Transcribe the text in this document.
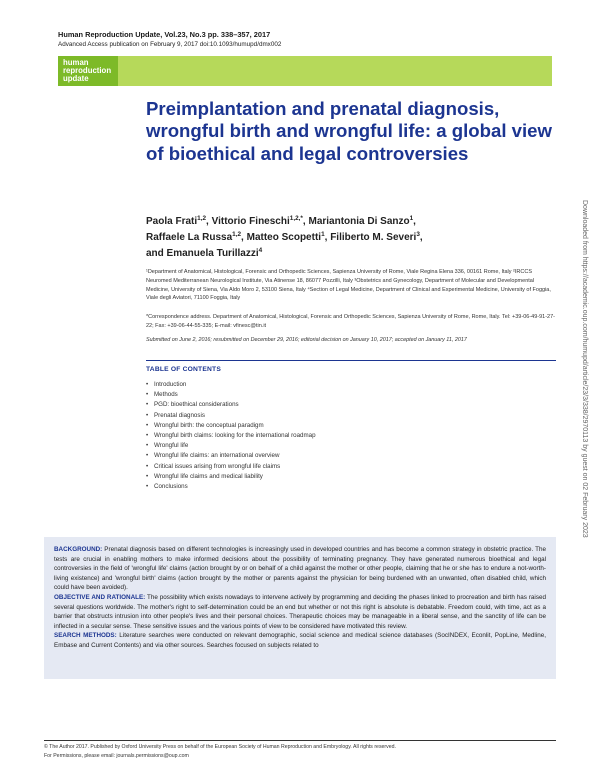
Human Reproduction Update, Vol.23, No.3 pp. 338–357, 2017
Advanced Access publication on February 9, 2017 doi:10.1093/humupd/dmx002
human
reproduction
update
Preimplantation and prenatal diagnosis, wrongful birth and wrongful life: a global view of bioethical and legal controversies
Paola Frati$^{1,2}$, Vittorio Fineschi$^{1,2,*}$, Mariantonia Di Sanzo$^1$,
Raffaele La Russa$^{1,2}$, Matteo Scopetti$^1$, Filiberto M. Severi$^3$,
and Emanuela Turillazzi$^4$
¹Department of Anatomical, Histological, Forensic and Orthopedic Sciences, Sapienza University of Rome, Viale Regina Elena 336, 00161 Rome, Italy ²IRCCS Neuromed Mediterranean Neurological Institute, Via Atinense 18, 86077 Pozzilli, Italy ³Obstetrics and Gynecology, Department of Molecular and Developmental Medicine, University of Siena, Via Aldo Moro 2, 53100 Siena, Italy ⁴Section of Legal Medicine, Department of Clinical and Experimental Medicine, University of Foggia, Viale degli Aviatori, 71100 Foggia, Italy
*Correspondence address. Department of Anatomical, Histological, Forensic and Orthopedic Sciences, Sapienza University of Rome, Rome, Italy. Tel: +39-06-49-91-27-22; Fax: +39-06-44-55-335; E-mail: vfinesc@tin.it
Submitted on June 2, 2016; resubmitted on December 29, 2016; editorial decision on January 10, 2017; accepted on January 11, 2017
TABLE OF CONTENTS
• Introduction
• Methods
• PGD: bioethical considerations
• Prenatal diagnosis
• Wrongful birth: the conceptual paradigm
• Wrongful birth claims: looking for the international roadmap
• Wrongful life
• Wrongful life claims: an international overview
• Critical issues arising from wrongful life claims
• Wrongful life claims and medical liability
• Conclusions

BACKGROUND: Prenatal diagnosis based on different technologies is increasingly used in developed countries and has become a common strategy in obstetric practice. The tests are crucial in enabling mothers to make informed decisions about the possibility of terminating pregnancy. They have generated numerous bioethical and legal controversies in the field of 'wrongful life' claims (action brought by or on behalf of a child against the mother or other people, claiming that he or she has to endure a not-worth-living existence) and 'wrongful birth' claims (action brought by the mother or parents against the physician for being burdened with an unwanted, often disabled child, which could have been avoided).

OBJECTIVE AND RATIONALE: The possibility which exists nowadays to intervene actively by programming and deciding the phases linked to procreation and birth has raised several questions worldwide. The mother's right to self-determination could be an end but whether or not this right is absolute is debatable. Freedom could, with time, act as a barrier that obstructs intrusion into other people's lives and their personal choices. Therapeutic choices may be manageable in a liberal sense, and the sanctity of life can be inflected in a secular sense. These sensitive issues and the various points of view to be considered have motivated this review.

SEARCH METHODS: Literature searches were conducted on relevant demographic, social science and medical science databases (SocINDEX, Econlit, PopLine, Medline, Embase and Current Contents) and via other sources. Searches focused on subjects related to

© The Author 2017. Published by Oxford University Press on behalf of the European Society of Human Reproduction and Embryology. All rights reserved.
For Permissions, please email: journals.permissions@oup.com
Downloaded from https://academic.oup.com/humupd/article/23/3/338/2970113 by guest on 02 February 2023
